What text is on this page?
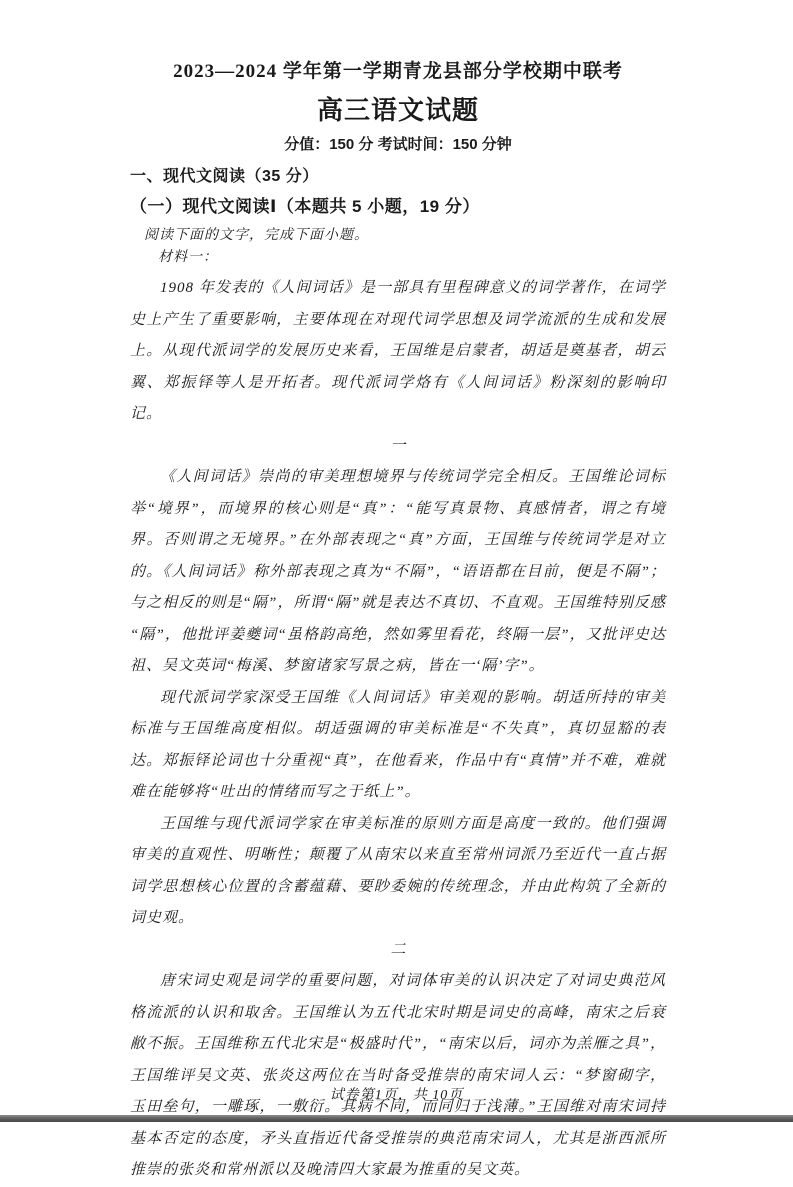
2023—2024 学年第一学期青龙县部分学校期中联考
高三语文试题
分值：150 分 考试时间：150 分钟
一、现代文阅读（35 分）
（一）现代文阅读Ⅰ（本题共 5 小题，19 分）

阅读下面的文字，完成下面小题。

材料一：

1908 年发表的《人间词话》是一部具有里程碑意义的词学著作，在词学史上产生了重要影响，主要体现在对现代词学思想及词学流派的生成和发展上。从现代派词学的发展历史来看，王国维是启蒙者，胡适是奠基者，胡云翼、郑振铎等人是开拓者。现代派词学烙有《人间词话》粉深刻的影响印记。

一

《人间词话》崇尚的审美理想境界与传统词学完全相反。王国维论词标举“境界”，而境界的核心则是“真”：“能写真景物、真感情者，谓之有境界。否则谓之无境界。”在外部表现之“真”方面，王国维与传统词学是对立的。《人间词话》称外部表现之真为“不隔”，“语语都在目前，便是不隔”；与之相反的则是“隔”，所谓“隔”就是表达不真切、不直观。王国维特别反感“隔”，他批评姜夔词“虽格韵高绝，然如雾里看花，终隔一层”，又批评史达祖、吴文英词“梅溪、梦窗诸家写景之病，皆在一‘隔’字”。

现代派词学家深受王国维《人间词话》审美观的影响。胡适所持的审美标准与王国维高度相似。胡适强调的审美标准是“不失真”，真切显豁的表达。郑振铎论词也十分重视“真”，在他看来，作品中有“真情”并不难，难就难在能够将“吐出的情绪而写之于纸上”。

王国维与现代派词学家在审美标准的原则方面是高度一致的。他们强调审美的直观性、明晰性；颠覆了从南宋以来直至常州词派乃至近代一直占据词学思想核心位置的含蓄蕴藉、要眇委婉的传统理念，并由此构筑了全新的词史观。

二

唐宋词史观是词学的重要问题，对词体审美的认识决定了对词史典范风格流派的认识和取舍。王国维认为五代北宋时期是词史的高峰，南宋之后衰敝不振。王国维称五代北宋是“极盛时代”，“南宋以后，词亦为羔雁之具”，王国维评吴文英、张炎这两位在当时备受推崇的南宋词人云：“梦窗砌字，玉田垒句，一雕琢，一敷衍。其病不同，而同归于浅薄。”王国维对南宋词持基本否定的态度，矛头直指近代备受推崇的典范南宋词人，尤其是浙西派所推崇的张炎和常州派以及晚清四大家最为推重的吴文英。

试卷第1页，共 10页
